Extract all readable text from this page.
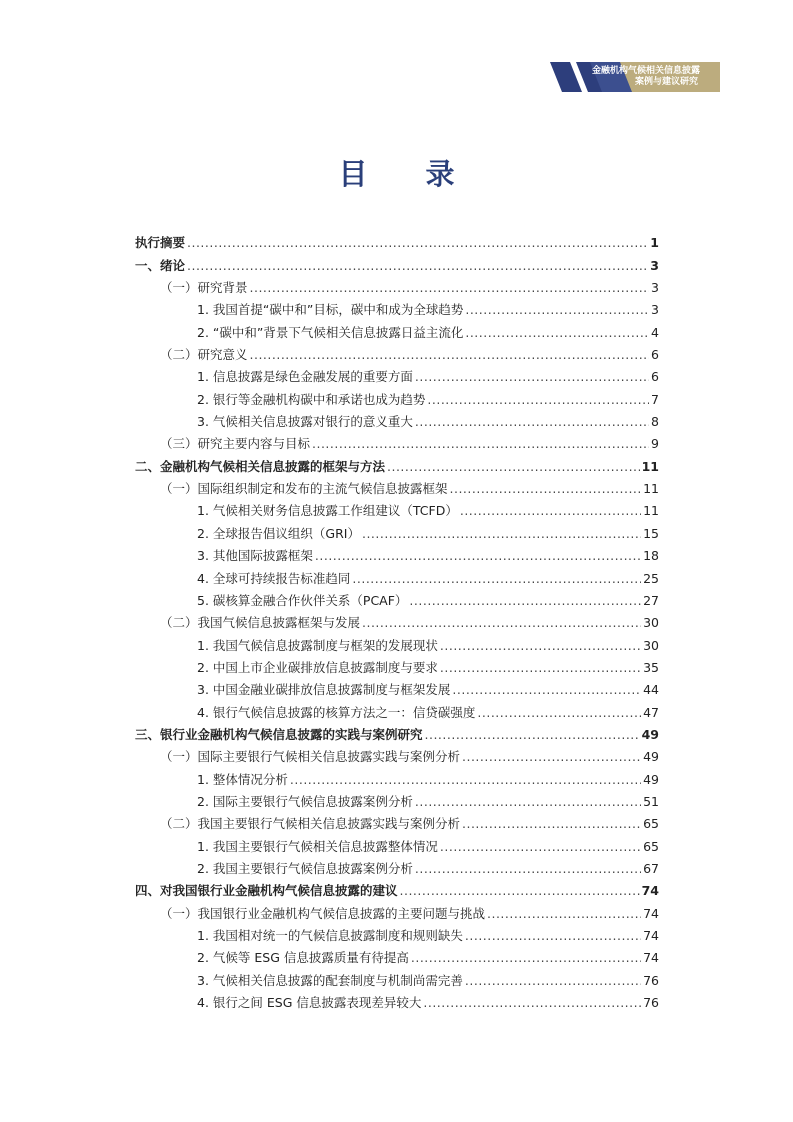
金融机构气候相关信息披露
案例与建议研究
目 录
执行摘要 .....	1
一、绪论 .....	3
（一）研究背景 .....	3
1. 我国首提“碳中和”目标，碳中和成为全球趋势 .....	3
2. “碳中和”背景下气候相关信息披露日益主流化 .....	4
（二）研究意义 .....	6
1. 信息披露是绿色金融发展的重要方面 .....	6
2. 银行等金融机构碳中和承诺也成为趋势 .....	7
3. 气候相关信息披露对银行的意义重大 .....	8
（三）研究主要内容与目标 .....	9
二、金融机构气候相关信息披露的框架与方法 .....	11
（一）国际组织制定和发布的主流气候信息披露框架 .....	11
1. 气候相关财务信息披露工作组建议（TCFD） .....	11
2. 全球报告倡议组织（GRI） .....	15
3. 其他国际披露框架 .....	18
4. 全球可持续报告标准趋同 .....	25
5. 碳核算金融合作伙伴关系（PCAF） .....	27
（二）我国气候信息披露框架与发展 .....	30
1. 我国气候信息披露制度与框架的发展现状 .....	30
2. 中国上市企业碳排放信息披露制度与要求 .....	35
3. 中国金融业碳排放信息披露制度与框架发展 .....	44
4. 银行气候信息披露的核算方法之一：信贷碳强度 .....	47
三、银行业金融机构气候信息披露的实践与案例研究 .....	49
（一）国际主要银行气候相关信息披露实践与案例分析 .....	49
1. 整体情况分析 .....	49
2. 国际主要银行气候信息披露案例分析 .....	51
（二）我国主要银行气候相关信息披露实践与案例分析 .....	65
1. 我国主要银行气候相关信息披露整体情况 .....	65
2. 我国主要银行气候信息披露案例分析 .....	67
四、对我国银行业金融机构气候信息披露的建议 .....	74
（一）我国银行业金融机构气候信息披露的主要问题与挑战 .....	74
1. 我国相对统一的气候信息披露制度和规则缺失 .....	74
2. 气候等 ESG 信息披露质量有待提高 .....	74
3. 气候相关信息披露的配套制度与机制尚需完善 .....	76
4. 银行之间 ESG 信息披露表现差异较大 .....	76
